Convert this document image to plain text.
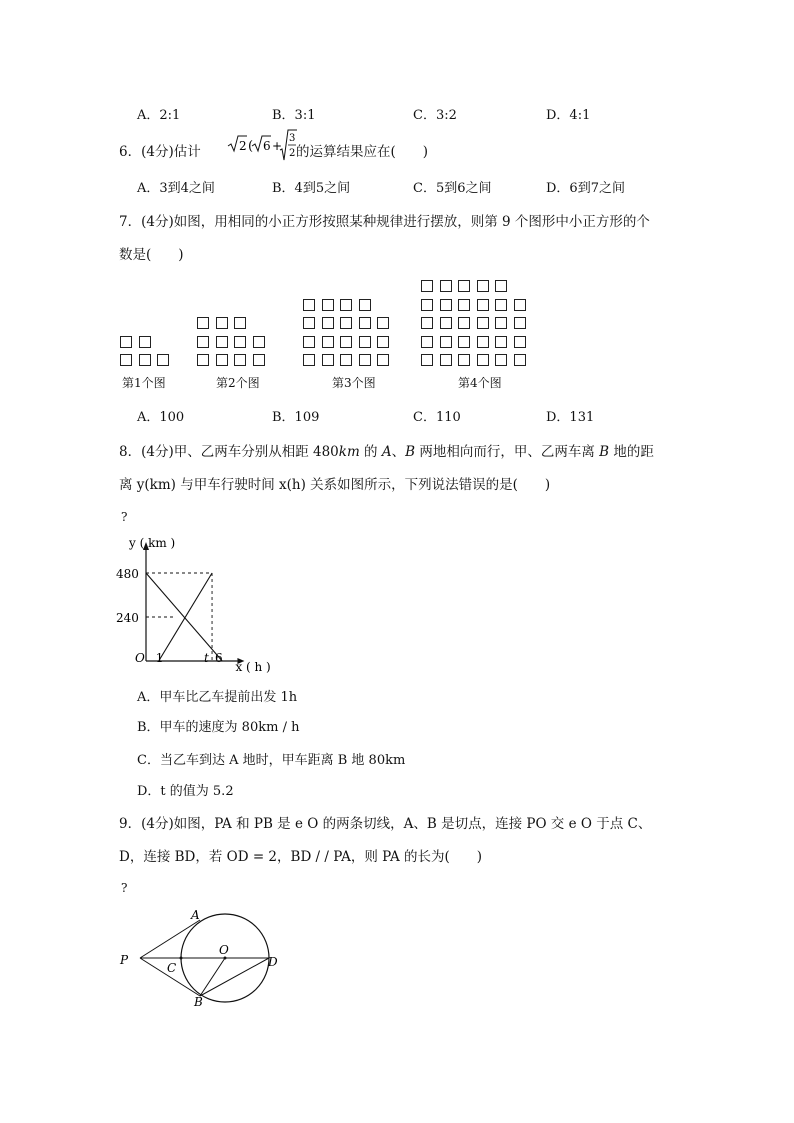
A．2:1	B．3:1	C．3:2	D．4:1
6．(4分)估计	2 ( 6 +
3
2 的运算结果应在(　　)
A．3到4之间	B．4到5之间	C．5到6之间	D．6到7之间
7．(4分)如图，用相同的小正方形按照某种规律进行摆放，则第 9 个图形中小正方形的个
数是(　　)
第1个图	第2个图	第3个图	第4个图
A．100	B．109	C．110	D．131
8．(4分)甲、乙两车分别从相距 480km 的 A、B 两地相向而行，甲、乙两车离 B 地的距
离 y(km) 与甲车行驶时间 x(h) 关系如图所示，下列说法错误的是(　　)
?
480
240
1	t 6
O
y ( km )
x ( h )
A．甲车比乙车提前出发 1h
B．甲车的速度为 80km / h
C．当乙车到达 A 地时，甲车距离 B 地 80km
D．t 的值为 5.2
9．(4分)如图，PA 和 PB 是 e O 的两条切线，A、B 是切点，连接 PO 交 e O 于点 C、
D，连接 BD，若 OD = 2，BD / / PA，则 PA 的长为(　　)
?
A
P
C
O
D
B
